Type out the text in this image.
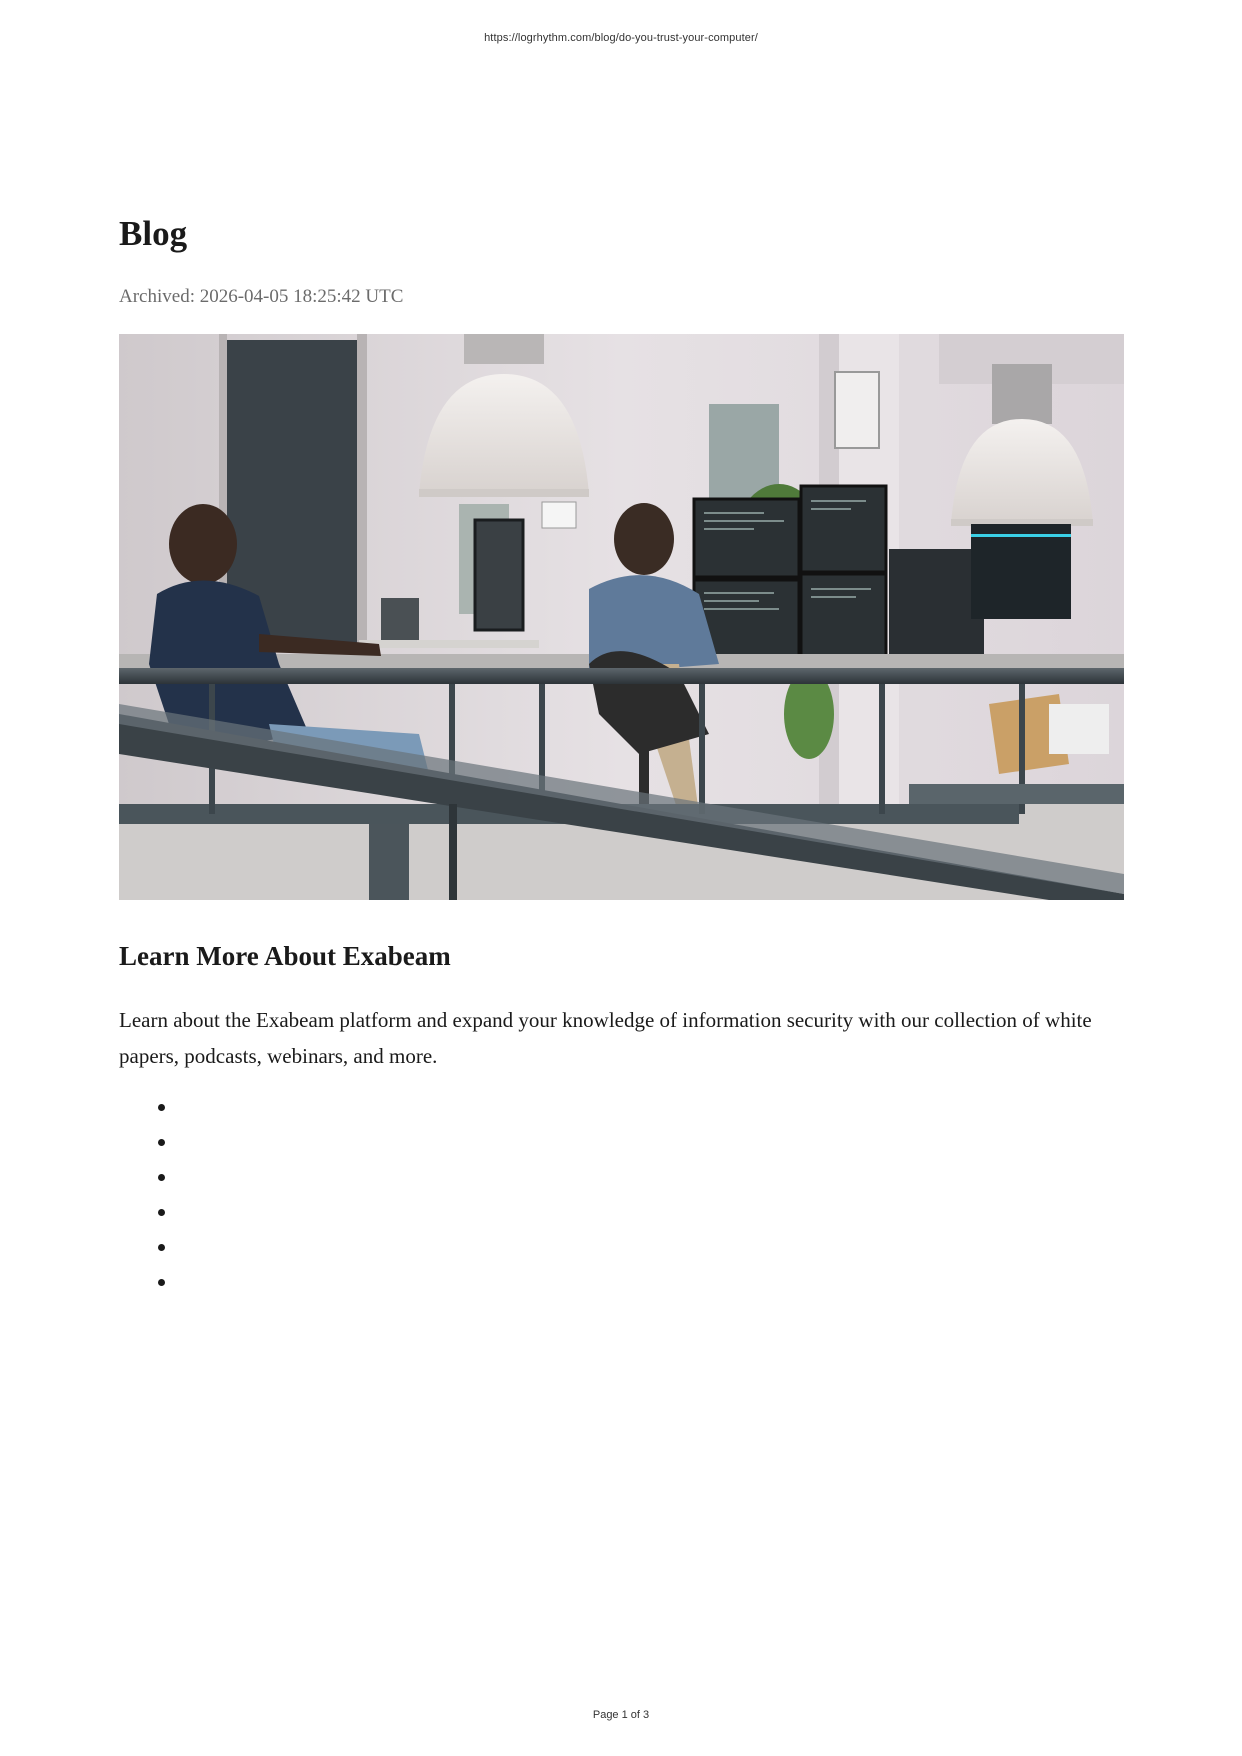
https://logrhythm.com/blog/do-you-trust-your-computer/
Blog

Archived: 2026-04-05 18:25:42 UTC

Learn More About Exabeam

Learn about the Exabeam platform and expand your knowledge of information security with our collection of white papers, podcasts, webinars, and more.

Page 1 of 3
